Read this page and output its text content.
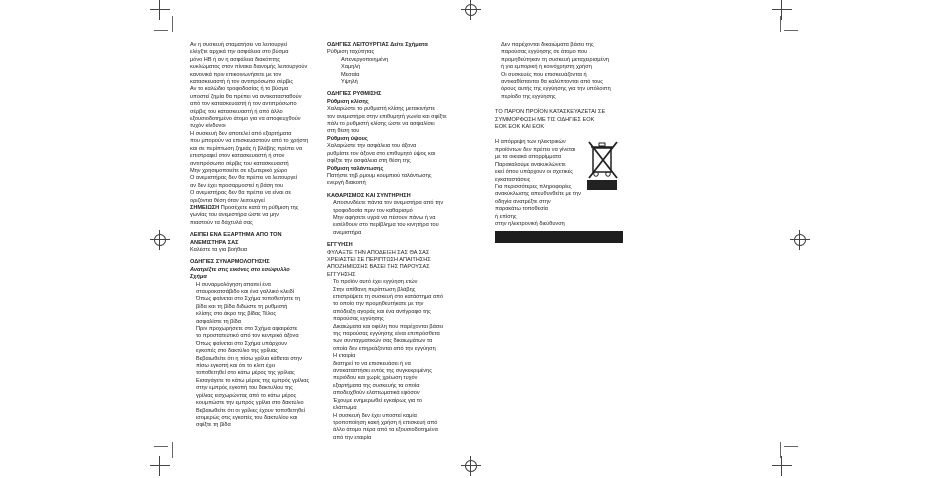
Αν η συσκευή σταματήσει να λειτουργεί

ελέγξτε αρχικά την ασφάλεια στο βύσμα

μόνο HB ή αν η ασφάλεια διακόπτης

κυκλώματος στον πίνακα διανομής λειτουργούν

κανονικά πριν επικοινωνήσετε με τον

κατασκευαστή ή τον αντιπρόσωπο σέρβις

Αν το καλώδιο τροφοδοσίας ή το βύσμα

υποστεί ζημία θα πρέπει να αντικατασταθούν

από τον κατασκευαστή ή τον αντιπρόσωπο

σέρβις του κατασκευαστή ή από άλλο

εξουσιοδοτημένο άτομο για να αποφευχθούν

τυχόν κίνδυνοι

Η συσκευή δεν αποτελεί από εξαρτήματα

που μπορούν να επισκευαστούν από το χρήστη

και σε περίπτωση ζημιάς ή βλάβης πρέπει να

επιστραφεί στον κατασκευαστή ή στον

αντιπρόσωπο σέρβις του κατασκευαστή

Μην χρησιμοποιείτε σε εξωτερικό χώρο

Ο ανεμιστήρας δεν θα πρέπει να λειτουργεί

αν δεν έχει προσαρμοστεί η βάση του

Ο ανεμιστήρας δεν θα πρέπει να είναι σε

οριζόντια θέση όταν λειτουργεί

ΣΗΜΕΙΩΣΗ Προσέχετε κατά τη ρύθμιση της

γωνίας του ανεμιστήρα ώστε να μην

πιαστούν τα δάχτυλά σας

ΛΕΙΠΕΙ ΕΝΑ ΕΞΑΡΤΗΜΑ ΑΠΟ ΤΟΝ

ΑΝΕΜΙΣΤΗΡΑ ΣΑΣ

Καλέστε τα για βοήθεια

ΟΔΗΓΙΕΣ ΣΥΝΑΡΜΟΛΟΓΗΣΗΣ

Ανατρέξτε στις εικόνες στο εσώφυλλο

Σχήμα

Η συναρμολόγηση απαιτεί ένα

σταυροκατσάβιδο και ένα γαλλικό κλειδί

Όπως φαίνεται στο Σχήμα τοποθετήστε τη

βίδα και τη βίδα διδώστε τη ρυθμιστή

κλίσης στο άκρο της βίδας Τέλος

ασφαλίστε τη βίδα

Πριν προχωρήσετε στο Σχήμα αφαιρέστε

το προστατευτικό από τον κεντρικό άξονα

Όπως φαίνεται στο Σχήμα υπάρχουν

εγκοπές στο δακτύλιο της γρίλιας

Βεβαιωθείτε ότι η πίσω γρίλια κάθεται στην

πίσω εγκοπή και ότι το κλιπ έχει

τοποθετηθεί στο κάτω μέρος της γρίλιας

Εισαγάγετε το κάτω μέρος της εμπρός γρίλιας

στην εμπρός εγκοπή του δακτυλίου της

γρίλιας εισχωρώντας από το κάτω μέρος

κουμπώστε την εμπρός γρίλια στο δακτύλιο

Βεβαιωθείτε ότι οι γρίλιες έχουν τοποθετηθεί

ισομερώς στις εγκοπές του δακτυλίου και

σφίξτε τη βίδα

ΟΔΗΓΙΕΣ ΛΕΙΤΟΥΡΓΙΑΣ Δείτε Σχήματα

Ρύθμιση ταχύτητας

Απενεργοποιημένη

Χαμηλή

Μεσαία

Υψηλή

ΟΔΗΓΙΕΣ ΡΥΘΜΙΣΗΣ

Ρύθμιση κλίσης

Χαλαρώστε το ρυθμιστή κλίσης μετακινήστε

τον ανεμιστήρα στην επιθυμητή γωνία και σφίξτε

πάλι το ρυθμιστή κλίσης ώστε να ασφαλίσει

στη θέση του

Ρύθμιση ύψους

Χαλαρώστε την ασφάλεια του άξονα

ρυθμίστε τον άξονα στο επιθυμητό ύψος και

σφίξτε την ασφάλεια στη θέση της

Ρύθμιση ταλάντωσης

Πατήστε τηβ ρμουμ κουμπιού ταλάντωσης

ενεργή διακοπή

ΚΑΘΑΡΙΣΜΟΣ ΚΑΙ ΣΥΝΤΗΡΗΣΗ

Αποσυνδέετε πάντα τον ανεμιστήρα από την

τροφοδοσία πριν τον καθαρισμό

Μην αφήσετε υγρά να πέσουν πάνω ή να

εισέλθουν στο περίβλημα του κινητήρα του

ανεμιστήρα

ΕΓΓΥΗΣΗ

ΦΥΛΑΞΤΕ ΤΗΝ ΑΠΟΔΕΙΞΗ ΣΑΣ ΘΑ ΣΑΣ

ΧΡΕΙΑΣΤΕΙ ΣΕ ΠΕΡΙΠΤΩΣΗ ΑΠΑΙΤΗΣΗΣ

ΑΠΟΖΗΜΙΩΣΗΣ ΒΑΣΕΙ ΤΗΣ ΠΑΡΟΥΣΑΣ

ΕΓΓΥΗΣΗΣ

Το προϊόν αυτό έχει εγγύηση ετών

Στην απίθανη περίπτωση βλάβης

επιστρέψετε τη συσκευή στο κατάστημα από

το οποίο την προμηθευτήκατε με την

απόδειξη αγοράς και ένα αντίγραφο της

παρούσας εγγύησης

Δικαιώματα και οφέλη που παρέχονται βάσει

της παρούσας εγγύησης είναι επιπρόσθετα

των συνταγματικών σας δικαιωμάτων τα

οποία δεν επηρεάζονται από την εγγύηση

Η εταιρία

διατηρεί το να επισκευάσει ή να

αντικαταστήσει εντός της συγκεκριμένης

περιόδου και χωρίς χρέωση τυχόν

εξαρτήματα της συσκευής τα οποία

αποδειχθούν ελαττωματικά εφόσον

Έχουμε ενημερωθεί εγκαίρως για το

ελάττωμα

Η συσκευή δεν έχει υποστεί καμία

τροποποίηση κακή χρήση ή επισκευή από

άλλο άτομο πέρα από τα εξουσιοδοτημένα

από την εταιρία

Δεν παρέχονται δικαιώματα βάσει της

παρούσας εγγύησης σε άτομο που

προμηθεύτηκαν τη συσκευή μεταχειρισμένη

ή για εμπορική ή κοινόχρηστη χρήση

Οι συσκευές που επισκευάζονται ή

αντικαθίστανται θα καλύπτονται από τους

όρους αυτής της εγγύησης για την υπόλοιπη

περίοδο της εγγύησης

ΤΟ ΠΑΡΟΝ ΠΡΟΪΟΝ ΚΑΤΑΣΚΕΥΑΖΕΤΑΙ ΣΕ

ΣΥΜΜΟΡΦΩΣΗ ΜΕ ΤΙΣ ΟΔΗΓΙΕΣ ΕΟΚ

ΕΟΚ ΕΟΚ ΚΑΙ ΕΟΚ

Η απόρριψη των ηλεκτρικών

προϊόντων δεν πρέπει να γίνεται

με τα οικιακά απορρίμματα

Παρακαλούμε ανακυκλώνετε

εκεί όπου υπάρχουν οι σχετικές

εγκαταστάσεις

Για περισσότερες πληροφορίες

ανακύκλωσης απευθυνθείτε με την

οδηγία ανατρέξτε στην

παρακάτω τοποθεσία

ή επίσης

στην ηλεκτρονική διεύθυνση
